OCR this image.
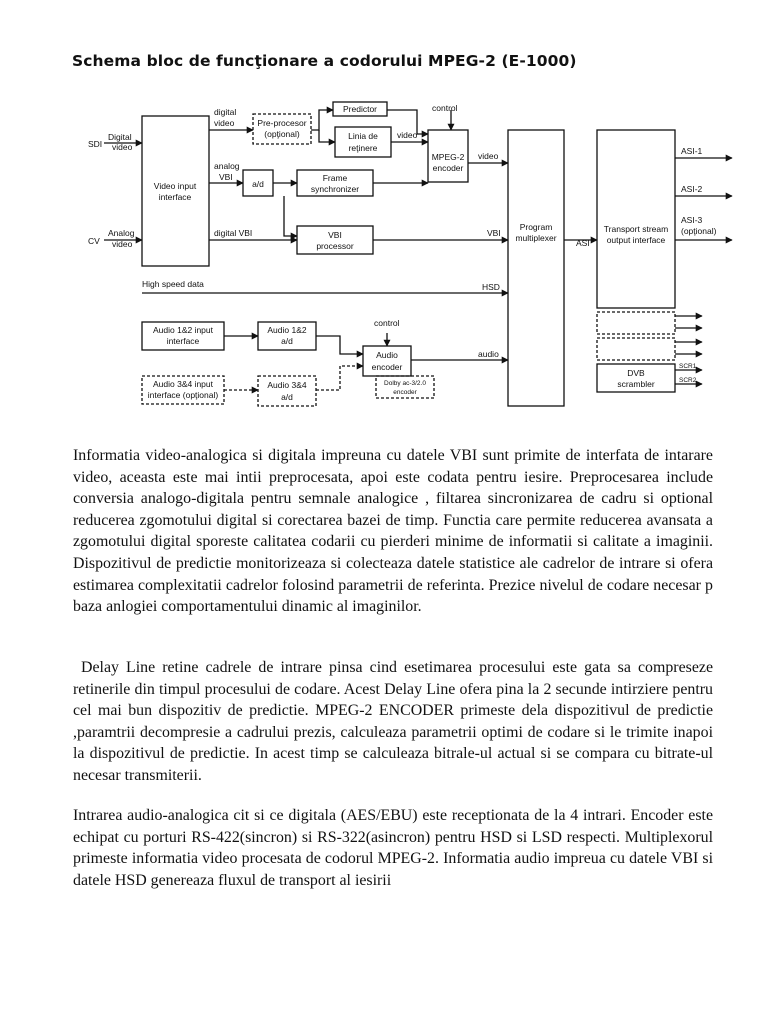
Schema bloc de funcţionare a codorului MPEG-2 (E-1000)
Video input
interface
Pre-procesor
(opţional)
Predictor
Linia de
reţinere
MPEG-2
encoder
a/d
Frame
synchronizer
VBI
processor
Program
multiplexer
Transport stream
output interface
Audio 1&2 input
interface
Audio 1&2
a/d
Audio
encoder
Audio 3&4 input
interface (opţional)
Audio 3&4
a/d
DVB
scrambler
Dolby ac-3/2.0
encoder
SDI
Digital
video
CV
Analog
video
digital
video
analog
VBI
digital VBI
control
video
video
VBI
High speed data	HSD
control
audio
ASI
ASI-1
ASI-2
ASI-3
(opţional)
SCR1
SCR2

Informatia video-analogica si digitala impreuna cu datele VBI sunt primite de interfata de intarare video, aceasta este mai intii preprocesata, apoi este codata pentru iesire. Preprocesarea include conversia analogo-digitala pentru semnale analogice , filtarea sincronizarea de cadru si optional reducerea zgomotului digital si corectarea bazei de timp. Functia care permite reducerea avansata a zgomotului digital sporeste calitatea codarii cu pierderi minime de informatii si calitate a imaginii. Dispozitivul de predictie monitorizeaza si colecteaza datele statistice ale cadrelor de intrare si ofera estimarea complexitatii cadrelor folosind parametrii de referinta. Prezice nivelul de codare necesar p baza anlogiei comportamentului dinamic al imaginilor.

Delay Line retine cadrele de intrare pinsa cind esetimarea procesului este gata sa compreseze retinerile din timpul procesului de codare. Acest Delay Line ofera pina la 2 secunde intirziere pentru cel mai bun dispozitiv de predictie. MPEG-2 ENCODER primeste dela dispozitivul de predictie ,paramtrii decompresie a cadrului prezis, calculeaza parametrii optimi de codare si le trimite inapoi la dispozitivul de predictie. In acest timp se calculeaza bitrale-ul actual si se compara cu bitrate-ul necesar transmiterii.

Intrarea audio-analogica cit si ce digitala (AES/EBU) este receptionata de la 4 intrari. Encoder este echipat cu porturi RS-422(sincron) si RS-322(asincron) pentru HSD si LSD respecti. Multiplexorul primeste informatia video procesata de codorul MPEG-2. Informatia audio impreua cu datele VBI si datele HSD genereaza fluxul de transport al iesirii
